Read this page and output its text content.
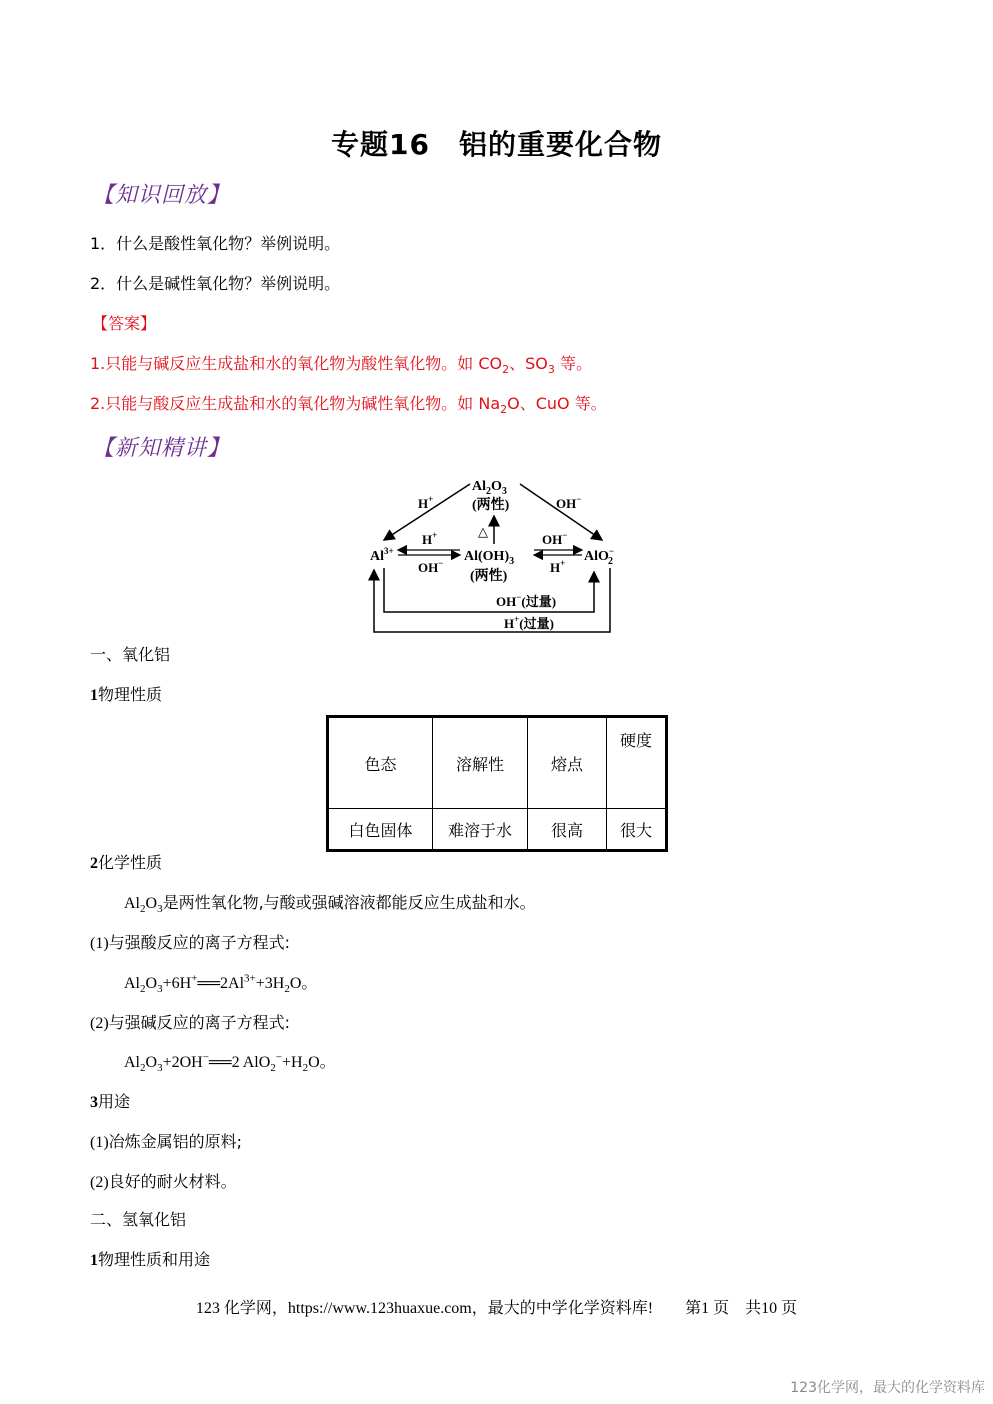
专题16　铝的重要化合物
【知识回放】
1．什么是酸性氧化物？举例说明。
2．什么是碱性氧化物？举例说明。
【答案】
1.只能与碱反应生成盐和水的氧化物为酸性氧化物。如 $CO_2$、$SO_3$ 等。
2.只能与酸反应生成盐和水的氧化物为碱性氧化物。如 $Na_2O$、CuO 等。
【新知精讲】
$Al_2O_3$
(两性)
$Al^{3+}$	$Al(OH)_3$
(两性)
AlO− 2
H+	OH−
△
H+
OH−
OH−
H+
OH−(过量)
H+(过量)
一、氧化铝
1物理性质
色态	溶解性	熔点	硬度
白色固体	难溶于水	很高	很大
2化学性质
$Al_2O_3$是两性氧化物,与酸或强碱溶液都能反应生成盐和水。
(1)与强酸反应的离子方程式:
$Al_2O_3+6H^+══2Al^{3+}+3H_2O$。
(2)与强碱反应的离子方程式:
$Al_2O_3+2OH^-══2$ $AlO_2^-+H_2O$。
3用途
(1)冶炼金属铝的原料;
(2)良好的耐火材料。
二、氢氧化铝
1物理性质和用途
123 化学网，https://www.123huaxue.com，最大的中学化学资料库!　　第1 页　共10 页
123化学网，最大的化学资料库
